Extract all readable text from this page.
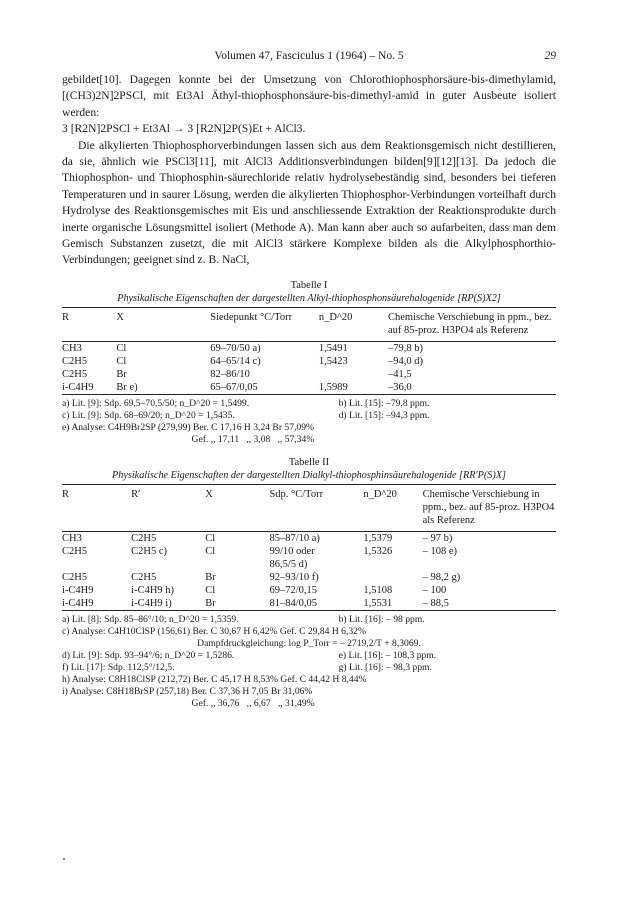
Volumen 47, Fasciculus 1 (1964) – No. 5	29

gebildet[10]. Dagegen konnte bei der Umsetzung von Chlorothiophosphorsäure-bis-dimethylamid, [(CH3)2N]2PSCl, mit Et3Al Äthyl-thiophosphonsäure-bis-dimethyl-amid in guter Ausbeute isoliert werden:

3 [R2N]2PSCl + Et3Al → 3 [R2N]2P(S)Et + AlCl3.

Die alkylierten Thiophosphorverbindungen lassen sich aus dem Reaktionsgemisch nicht destillieren, da sie, ähnlich wie PSCl3[11], mit AlCl3 Additionsverbindungen bilden[9][12][13]. Da jedoch die Thiophosphon- und Thiophosphin-säurechloride relativ hydrolysebeständig sind, besonders bei tieferen Temperaturen und in saurer Lösung, werden die alkylierten Thiophosphor-Verbindungen vorteilhaft durch Hydrolyse des Reaktionsgemisches mit Eis und anschliessende Extraktion der Reaktionsprodukte durch inerte organische Lösungsmittel isoliert (Methode A). Man kann aber auch so aufarbeiten, dass man dem Gemisch Substanzen zusetzt, die mit AlCl3 stärkere Komplexe bilden als die Alkylphosphorthio-Verbindungen; geeignet sind z. B. NaCl,

Tabelle I
Physikalische Eigenschaften der dargestellten Alkyl-thiophosphonsäurehalogenide [RP(S)X2]
R	X	Siedepunkt °C/Torr	n_D^20	Chemische Verschiebung in ppm., bez. auf 85-proz. H3PO4 als Referenz
CH3	Cl	69–70/50 a)	1,5491	–79,8 b)
C2H5	Cl	64–65/14 c)	1,5423	–94,0 d)
C2H5	Br	82–86/10		–41,5
i-C4H9	Br e)	65–67/0,05	1,5989	–36,0
a) Lit. [9]: Sdp. 69,5–70,5/50; n_D^20 = 1,5499.	b) Lit. [15]: –79,8 ppm.
c) Lit. [9]: Sdp. 68–69/20; n_D^20 = 1,5435.	d) Lit. [15]: –94,3 ppm.
e) Analyse: C4H9Br2SP (279,99) Ber. C 17,16 H 3,24 Br 57,09%
Gef. ,, 17,11   ,, 3,08   ,, 57,34%
Tabelle II
Physikalische Eigenschaften der dargestellten Dialkyl-thiophosphinsäurehalogenide [RR′P(S)X]
R	R′	X	Sdp. °C/Torr	n_D^20	Chemische Verschiebung in ppm., bez. auf 85-proz. H3PO4 als Referenz
CH3	C2H5	Cl	85–87/10 a)	1,5379	– 97 b)
C2H5	C2H5 c)	Cl	99/10 oder	1,5326	– 108 e)
			86,5/5 d)		
C2H5	C2H5	Br	92–93/10 f)		– 98,2 g)
i-C4H9	i-C4H9 h)	Cl	69–72/0,15	1,5108	– 100
i-C4H9	i-C4H9 i)	Br	81–84/0,05	1,5531	– 88,5
a) Lit. [8]: Sdp. 85–86°/10; n_D^20 = 1,5359.	b) Lit. [16]: – 98 ppm.
c) Analyse: C4H10ClSP (156,61) Ber. C 30,67 H 6,42% Gef. C 29,84 H 6,32%
Dampfdruckgleichung: log P_Torr = – 2719,2/T + 8,3069.
d) Lit. [9]: Sdp. 93–94°/6; n_D^20 = 1,5286.	e) Lit. [16]: – 108,3 ppm.
f) Lit. [17]: Sdp. 112,5°/12,5.	g) Lit. [16]: – 98,3 ppm.
h) Analyse: C8H18ClSP (212,72) Ber. C 45,17 H 8,53% Gef. C 44,42 H 8,44%
i) Analyse: C8H18BrSP (257,18) Ber. C 37,36 H 7,05 Br 31,06%
Gef. ,, 36,76   ,, 6,67   ,, 31,49%
